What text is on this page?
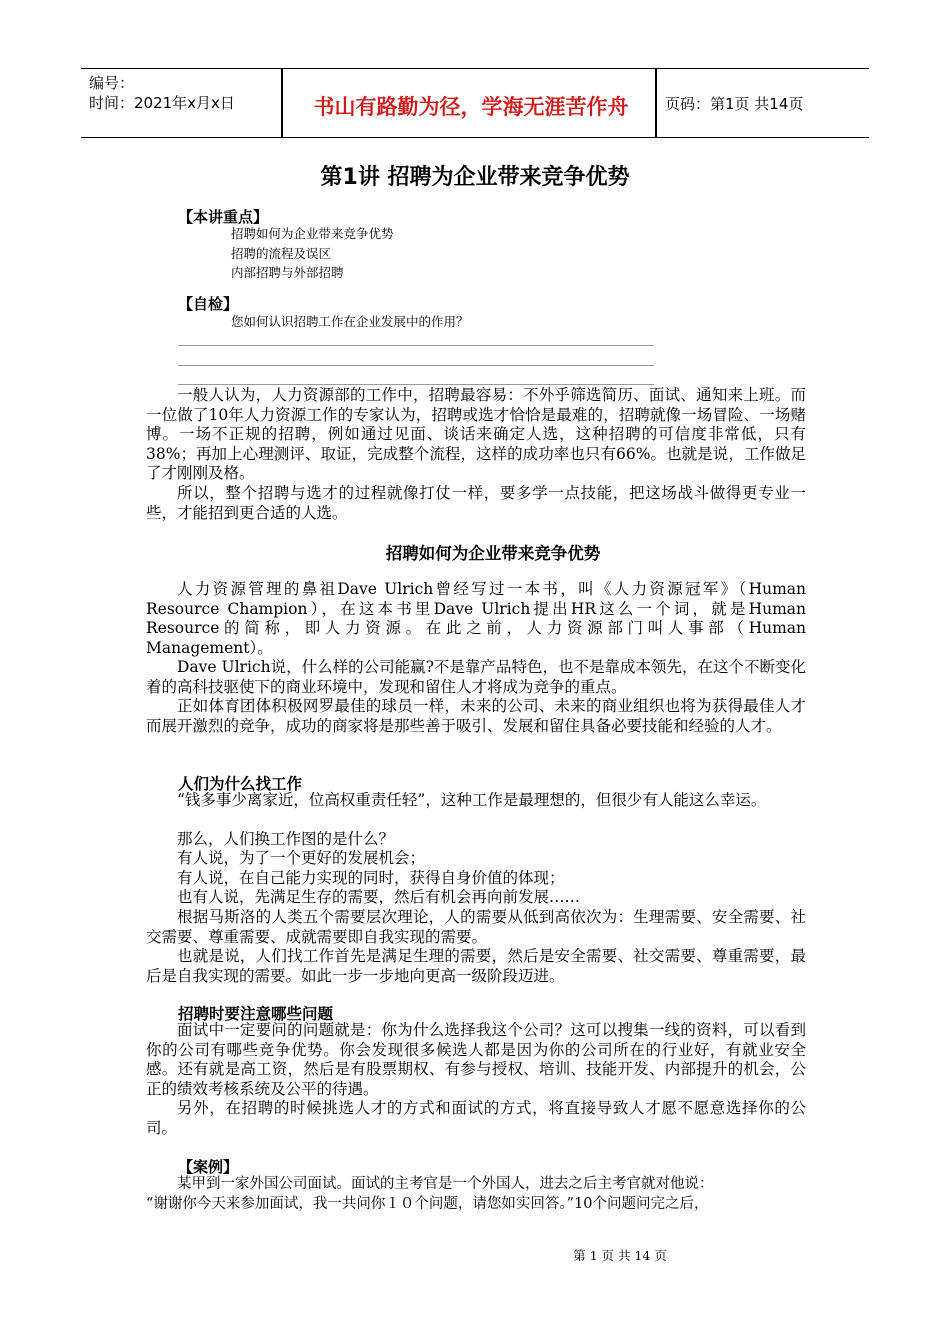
编号：
时间：2021年x月x日	书山有路勤为径，学海无涯苦作舟	页码：第1页 共14页
第1讲 招聘为企业带来竞争优势
【本讲重点】
招聘如何为企业带来竞争优势
招聘的流程及误区
内部招聘与外部招聘
【自检】
您如何认识招聘工作在企业发展中的作用？
一般人认为，人力资源部的工作中，招聘最容易：不外乎筛选简历、面试、通知来上班。而一位做了10年人力资源工作的专家认为，招聘或选才恰恰是最难的，招聘就像一场冒险、一场赌博。一场不正规的招聘，例如通过见面、谈话来确定人选，这种招聘的可信度非常低，只有38%；再加上心理测评、取证，完成整个流程，这样的成功率也只有66%。也就是说，工作做足了才刚刚及格。
所以，整个招聘与选才的过程就像打仗一样，要多学一点技能，把这场战斗做得更专业一些，才能招到更合适的人选。
招聘如何为企业带来竞争优势
人力资源管理的鼻祖Dave Ulrich曾经写过一本书，叫《人力资源冠军》（Human Resource Champion），在这本书里Dave Ulrich提出HR这么一个词，就是Human Resource的简称，即人力资源。在此之前，人力资源部门叫人事部（Human Management）。
Dave Ulrich说，什么样的公司能赢?不是靠产品特色，也不是靠成本领先，在这个不断变化着的高科技驱使下的商业环境中，发现和留住人才将成为竞争的重点。
正如体育团体积极网罗最佳的球员一样，未来的公司、未来的商业组织也将为获得最佳人才而展开激烈的竞争，成功的商家将是那些善于吸引、发展和留住具备必要技能和经验的人才。
人们为什么找工作
“钱多事少离家近，位高权重责任轻”，这种工作是最理想的，但很少有人能这么幸运。
那么，人们换工作图的是什么？
有人说，为了一个更好的发展机会；
有人说，在自己能力实现的同时，获得自身价值的体现；
也有人说，先满足生存的需要，然后有机会再向前发展……
根据马斯洛的人类五个需要层次理论，人的需要从低到高依次为：生理需要、安全需要、社交需要、尊重需要、成就需要即自我实现的需要。
也就是说，人们找工作首先是满足生理的需要，然后是安全需要、社交需要、尊重需要，最后是自我实现的需要。如此一步一步地向更高一级阶段迈进。
招聘时要注意哪些问题
面试中一定要问的问题就是：你为什么选择我这个公司？这可以搜集一线的资料，可以看到你的公司有哪些竞争优势。你会发现很多候选人都是因为你的公司所在的行业好，有就业安全感。还有就是高工资，然后是有股票期权、有参与授权、培训、技能开发、内部提升的机会，公正的绩效考核系统及公平的待遇。
另外，在招聘的时候挑选人才的方式和面试的方式，将直接导致人才愿不愿意选择你的公司。
【案例】
某甲到一家外国公司面试。面试的主考官是一个外国人，进去之后主考官就对他说：
“谢谢你今天来参加面试，我一共问你１０个问题，请您如实回答。”10个问题问完之后，
第 1 页 共 14 页
